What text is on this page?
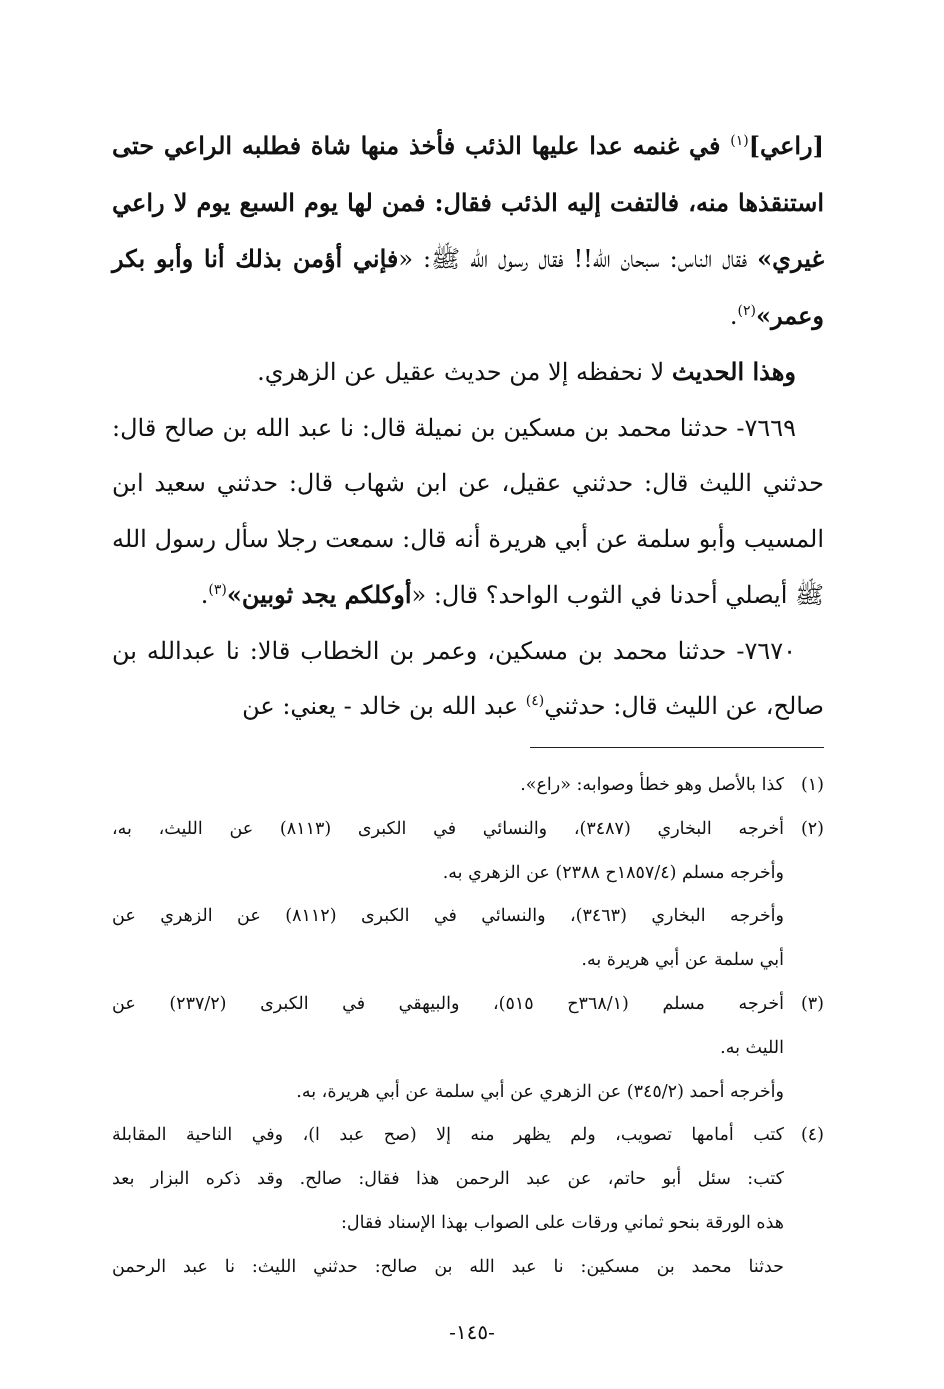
[راعي]$^{(١)}$ في غنمه عدا عليها الذئب فأخذ منها شاة فطلبه الراعي حتى استنقذها منه، فالتفت إليه الذئب فقال: فمن لها يوم السبع يوم لا راعي غيري» فقال الناس: سبحان الله!! فقال رسول الله ﷺ: «فإني أؤمن بذلك أنا وأبو بكر وعمر»$^{(٢)}$.

وهذا الحديث لا نحفظه إلا من حديث عقيل عن الزهري.

٧٦٦٩- حدثنا محمد بن مسكين بن نميلة قال: نا عبد الله بن صالح قال: حدثني الليث قال: حدثني عقيل، عن ابن شهاب قال: حدثني سعيد ابن المسيب وأبو سلمة عن أبي هريرة أنه قال: سمعت رجلا سأل رسول الله ﷺ أيصلي أحدنا في الثوب الواحد؟ قال: «أوكلكم يجد ثوبين»$^{(٣)}$.

٧٦٧٠- حدثنا محمد بن مسكين، وعمر بن الخطاب قالا: نا عبدالله بن صالح، عن الليث قال: حدثني$^{(٤)}$ عبد الله بن خالد - يعني: عن

(١)
كذا بالأصل وهو خطأ وصوابه: «راع».
(٢)
أخرجه البخاري (٣٤٨٧)، والنسائي في الكبرى (٨١١٣) عن الليث، به،
وأخرجه مسلم (١٨٥٧/٤ح ٢٣٨٨) عن الزهري به.
وأخرجه البخاري (٣٤٦٣)، والنسائي في الكبرى (٨١١٢) عن الزهري عن
أبي سلمة عن أبي هريرة به.
(٣)
أخرجه مسلم (٣٦٨/١ح ٥١٥)، والبيهقي في الكبرى (٢٣٧/٢) عن
الليث به.
وأخرجه أحمد (٣٤٥/٢) عن الزهري عن أبي سلمة عن أبي هريرة، به.
(٤)
كتب أمامها تصويب، ولم يظهر منه إلا (صح عبد ا)، وفي الناحية المقابلة
كتب: سئل أبو حاتم، عن عبد الرحمن هذا فقال: صالح. وقد ذكره البزار بعد
هذه الورقة بنحو ثماني ورقات على الصواب بهذا الإسناد فقال:
حدثنا محمد بن مسكين: نا عبد الله بن صالح: حدثني الليث: نا عبد الرحمن
-١٤٥-
